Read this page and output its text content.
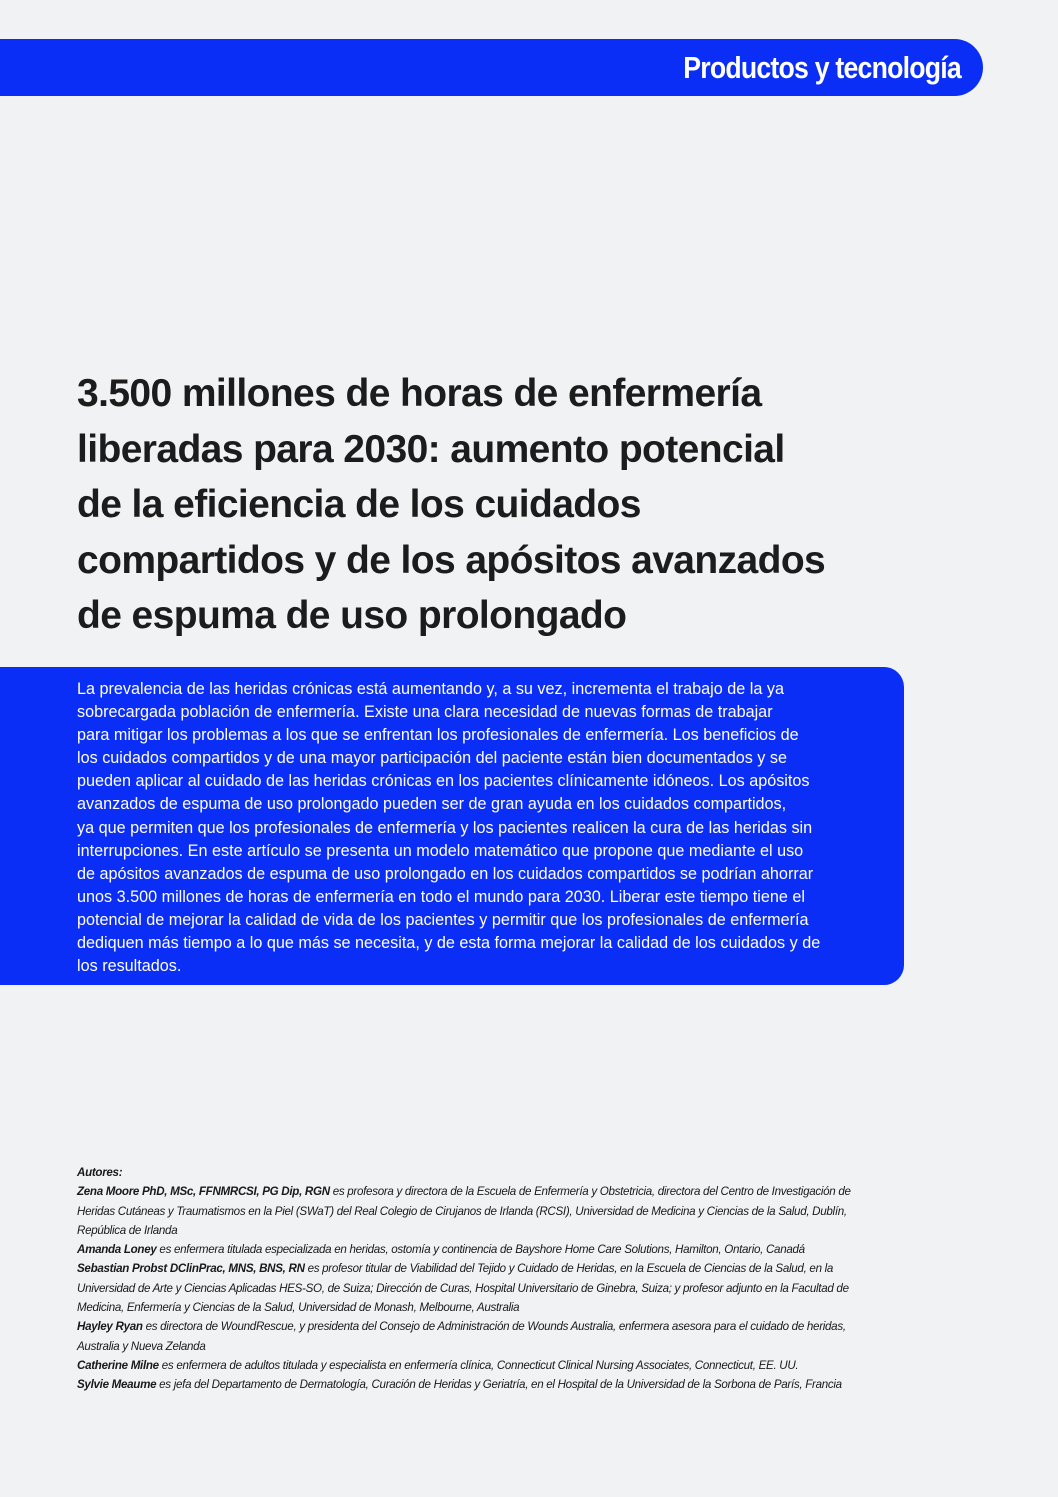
Productos y tecnología
3.500 millones de horas de enfermería
liberadas para 2030: aumento potencial
de la eficiencia de los cuidados
compartidos y de los apósitos avanzados
de espuma de uso prolongado

La prevalencia de las heridas crónicas está aumentando y, a su vez, incrementa el trabajo de la ya
sobrecargada población de enfermería. Existe una clara necesidad de nuevas formas de trabajar
para mitigar los problemas a los que se enfrentan los profesionales de enfermería. Los beneficios de
los cuidados compartidos y de una mayor participación del paciente están bien documentados y se
pueden aplicar al cuidado de las heridas crónicas en los pacientes clínicamente idóneos. Los apósitos
avanzados de espuma de uso prolongado pueden ser de gran ayuda en los cuidados compartidos,
ya que permiten que los profesionales de enfermería y los pacientes realicen la cura de las heridas sin
interrupciones. En este artículo se presenta un modelo matemático que propone que mediante el uso
de apósitos avanzados de espuma de uso prolongado en los cuidados compartidos se podrían ahorrar
unos 3.500 millones de horas de enfermería en todo el mundo para 2030. Liberar este tiempo tiene el
potencial de mejorar la calidad de vida de los pacientes y permitir que los profesionales de enfermería
dediquen más tiempo a lo que más se necesita, y de esta forma mejorar la calidad de los cuidados y de
los resultados.

Autores:
Zena Moore PhD, MSc, FFNMRCSI, PG Dip, RGN es profesora y directora de la Escuela de Enfermería y Obstetricia, directora del Centro de Investigación de
Heridas Cutáneas y Traumatismos en la Piel (SWaT) del Real Colegio de Cirujanos de Irlanda (RCSI), Universidad de Medicina y Ciencias de la Salud, Dublín,
República de Irlanda
Amanda Loney es enfermera titulada especializada en heridas, ostomía y continencia de Bayshore Home Care Solutions, Hamilton, Ontario, Canadá
Sebastian Probst DClinPrac, MNS, BNS, RN es profesor titular de Viabilidad del Tejido y Cuidado de Heridas, en la Escuela de Ciencias de la Salud, en la
Universidad de Arte y Ciencias Aplicadas HES-SO, de Suiza; Dirección de Curas, Hospital Universitario de Ginebra, Suiza; y profesor adjunto en la Facultad de
Medicina, Enfermería y Ciencias de la Salud, Universidad de Monash, Melbourne, Australia
Hayley Ryan es directora de WoundRescue, y presidenta del Consejo de Administración de Wounds Australia, enfermera asesora para el cuidado de heridas,
Australia y Nueva Zelanda
Catherine Milne es enfermera de adultos titulada y especialista en enfermería clínica, Connecticut Clinical Nursing Associates, Connecticut, EE. UU.
Sylvie Meaume es jefa del Departamento de Dermatología, Curación de Heridas y Geriatría, en el Hospital de la Universidad de la Sorbona de París, Francia
